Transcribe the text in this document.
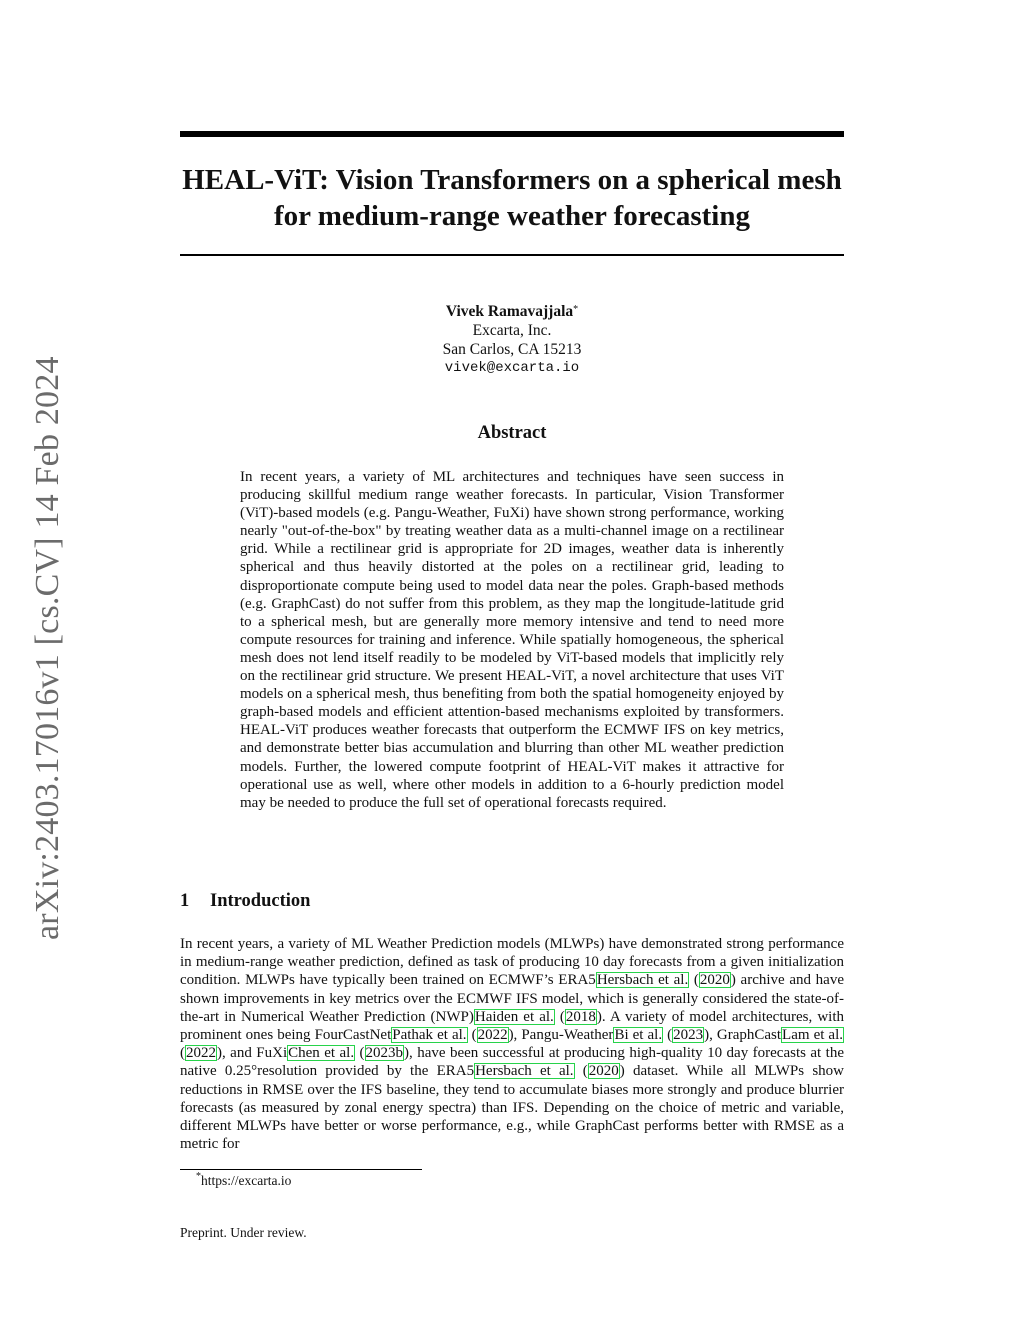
arXiv:2403.17016v1 [cs.CV] 14 Feb 2024
HEAL-ViT: Vision Transformers on a spherical mesh
for medium-range weather forecasting
Vivek Ramavajjala*
Excarta, Inc.
San Carlos, CA 15213
vivek@excarta.io
Abstract

In recent years, a variety of ML architectures and techniques have seen success in producing skillful medium range weather forecasts. In particular, Vision Transformer (ViT)-based models (e.g. Pangu-Weather, FuXi) have shown strong performance, working nearly "out-of-the-box" by treating weather data as a multi-channel image on a rectilinear grid. While a rectilinear grid is appropriate for 2D images, weather data is inherently spherical and thus heavily distorted at the poles on a rectilinear grid, leading to disproportionate compute being used to model data near the poles. Graph-based methods (e.g. GraphCast) do not suffer from this problem, as they map the longitude-latitude grid to a spherical mesh, but are generally more memory intensive and tend to need more compute resources for training and inference. While spatially homogeneous, the spherical mesh does not lend itself readily to be modeled by ViT-based models that implicitly rely on the rectilinear grid structure. We present HEAL-ViT, a novel architecture that uses ViT models on a spherical mesh, thus benefiting from both the spatial homogeneity enjoyed by graph-based models and efficient attention-based mechanisms exploited by transformers. HEAL-ViT produces weather forecasts that outperform the ECMWF IFS on key metrics, and demonstrate better bias accumulation and blurring than other ML weather prediction models. Further, the lowered compute footprint of HEAL-ViT makes it attractive for operational use as well, where other models in addition to a 6-hourly prediction model may be needed to produce the full set of operational forecasts required.

1 Introduction

In recent years, a variety of ML Weather Prediction models (MLWPs) have demonstrated strong performance in medium-range weather prediction, defined as task of producing 10 day forecasts from a given initialization condition. MLWPs have typically been trained on ECMWF’s ERA5Hersbach et al. (2020) archive and have shown improvements in key metrics over the ECMWF IFS model, which is generally considered the state-of-the-art in Numerical Weather Prediction (NWP)Haiden et al. (2018). A variety of model architectures, with prominent ones being FourCastNetPathak et al. (2022), Pangu-WeatherBi et al. (2023), GraphCastLam et al. (2022), and FuXiChen et al. (2023b), have been successful at producing high-quality 10 day forecasts at the native 0.25°resolution provided by the ERA5Hersbach et al. (2020) dataset. While all MLWPs show reductions in RMSE over the IFS baseline, they tend to accumulate biases more strongly and produce blurrier forecasts (as measured by zonal energy spectra) than IFS. Depending on the choice of metric and variable, different MLWPs have better or worse performance, e.g., while GraphCast performs better with RMSE as a metric for

*https://excarta.io
Preprint. Under review.
